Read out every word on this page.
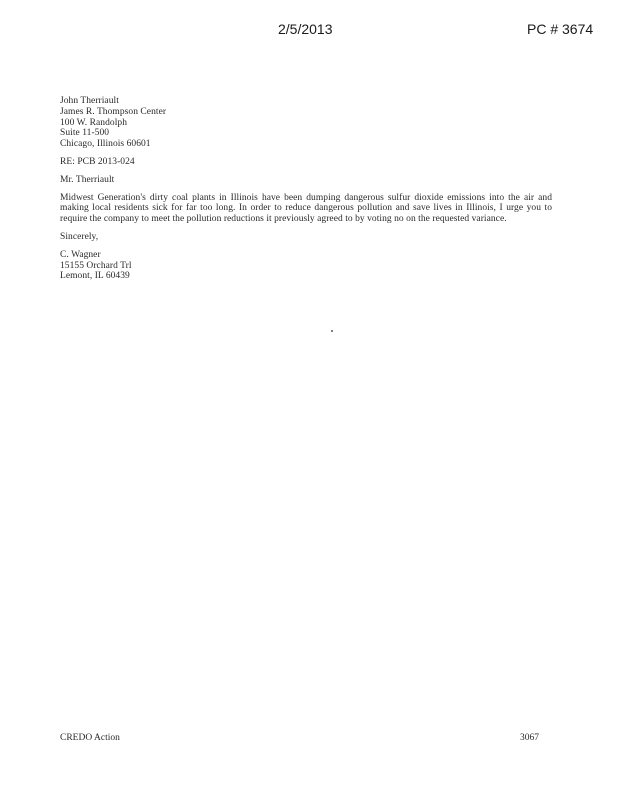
2/5/2013	PC # 3674
John Therriault
James R. Thompson Center
100 W. Randolph
Suite 11-500
Chicago, Illinois 60601
RE: PCB 2013-024
Mr. Therriault

Midwest Generation's dirty coal plants in Illinois have been dumping dangerous sulfur dioxide emissions into the air and making local residents sick for far too long. In order to reduce dangerous pollution and save lives in Illinois, I urge you to require the company to meet the pollution reductions it previously agreed to by voting no on the requested variance.

Sincerely,
C. Wagner
15155 Orchard Trl
Lemont, IL 60439
CREDO Action	3067
